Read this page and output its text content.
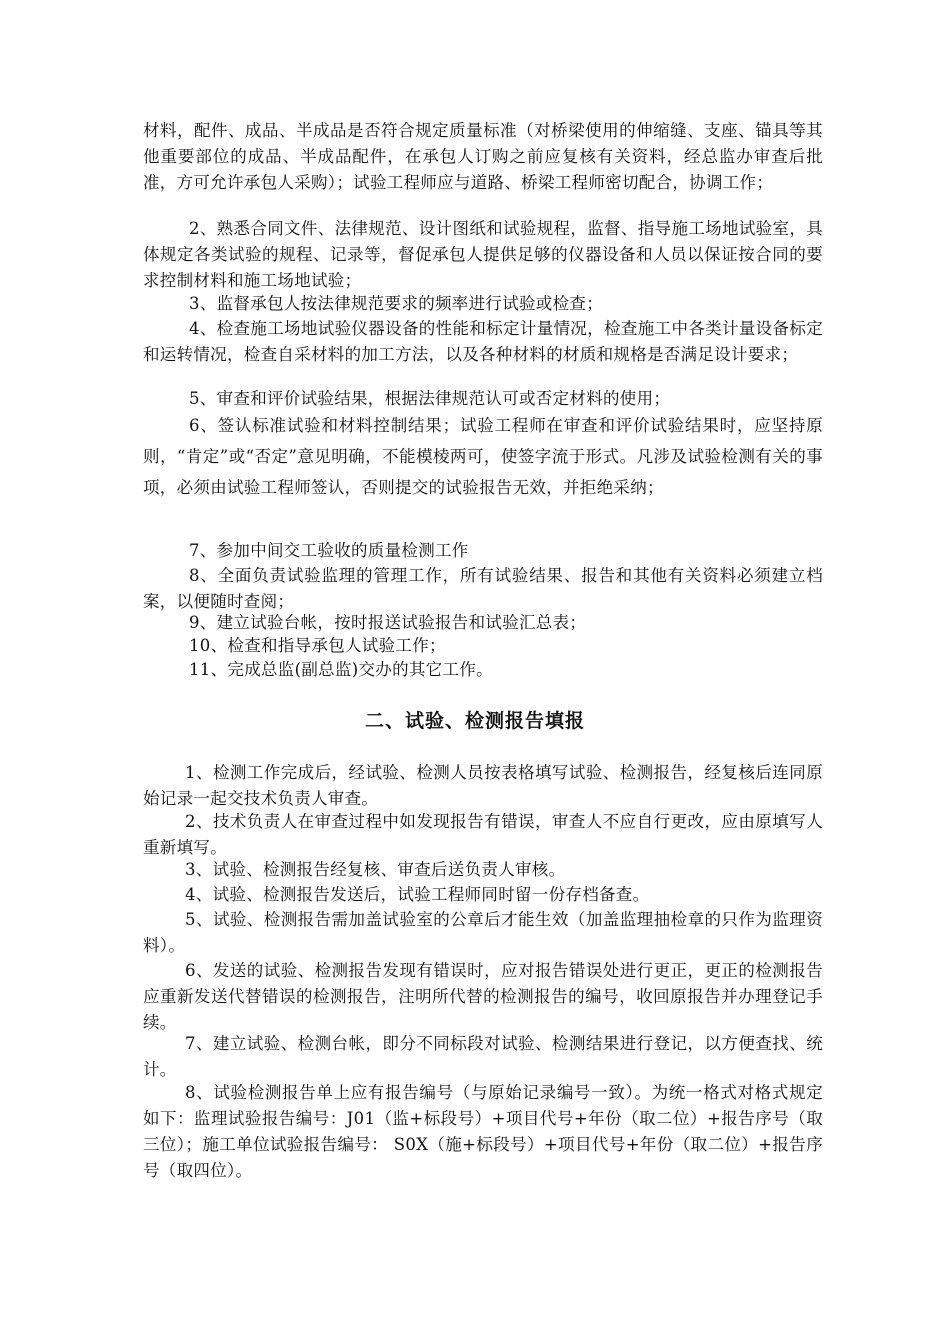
材料，配件、成品、半成品是否符合规定质量标准（对桥梁使用的伸缩缝、支座、锚具等其他重要部位的成品、半成品配件，在承包人订购之前应复核有关资料，经总监办审查后批准，方可允许承包人采购）；试验工程师应与道路、桥梁工程师密切配合，协调工作；

2、熟悉合同文件、法律规范、设计图纸和试验规程，监督、指导施工场地试验室，具体规定各类试验的规程、记录等，督促承包人提供足够的仪器设备和人员以保证按合同的要求控制材料和施工场地试验；

3、监督承包人按法律规范要求的频率进行试验或检查；

4、检查施工场地试验仪器设备的性能和标定计量情况，检查施工中各类计量设备标定和运转情况，检查自采材料的加工方法，以及各种材料的材质和规格是否满足设计要求；

5、审查和评价试验结果，根据法律规范认可或否定材料的使用；

6、签认标准试验和材料控制结果；试验工程师在审查和评价试验结果时，应坚持原则，“肯定”或“否定”意见明确，不能模棱两可，使签字流于形式。凡涉及试验检测有关的事项，必须由试验工程师签认，否则提交的试验报告无效，并拒绝采纳；

7、参加中间交工验收的质量检测工作

8、全面负责试验监理的管理工作，所有试验结果、报告和其他有关资料必须建立档案，以便随时查阅；

9、建立试验台帐，按时报送试验报告和试验汇总表；

10、检查和指导承包人试验工作；

11、完成总监(副总监)交办的其它工作。

二、试验、检测报告填报

1、检测工作完成后，经试验、检测人员按表格填写试验、检测报告，经复核后连同原始记录一起交技术负责人审查。

2、技术负责人在审查过程中如发现报告有错误，审查人不应自行更改，应由原填写人重新填写。

3、试验、检测报告经复核、审查后送负责人审核。

4、试验、检测报告发送后，试验工程师同时留一份存档备查。

5、试验、检测报告需加盖试验室的公章后才能生效（加盖监理抽检章的只作为监理资料）。

6、发送的试验、检测报告发现有错误时，应对报告错误处进行更正，更正的检测报告应重新发送代替错误的检测报告，注明所代替的检测报告的编号，收回原报告并办理登记手续。

7、建立试验、检测台帐，即分不同标段对试验、检测结果进行登记，以方便查找、统计。

8、试验检测报告单上应有报告编号（与原始记录编号一致）。为统一格式对格式规定如下：监理试验报告编号：J01（监+标段号）+项目代号+年份（取二位）+报告序号（取三位）；施工单位试验报告编号： S0X（施+标段号）+项目代号+年份（取二位）+报告序号（取四位）。
